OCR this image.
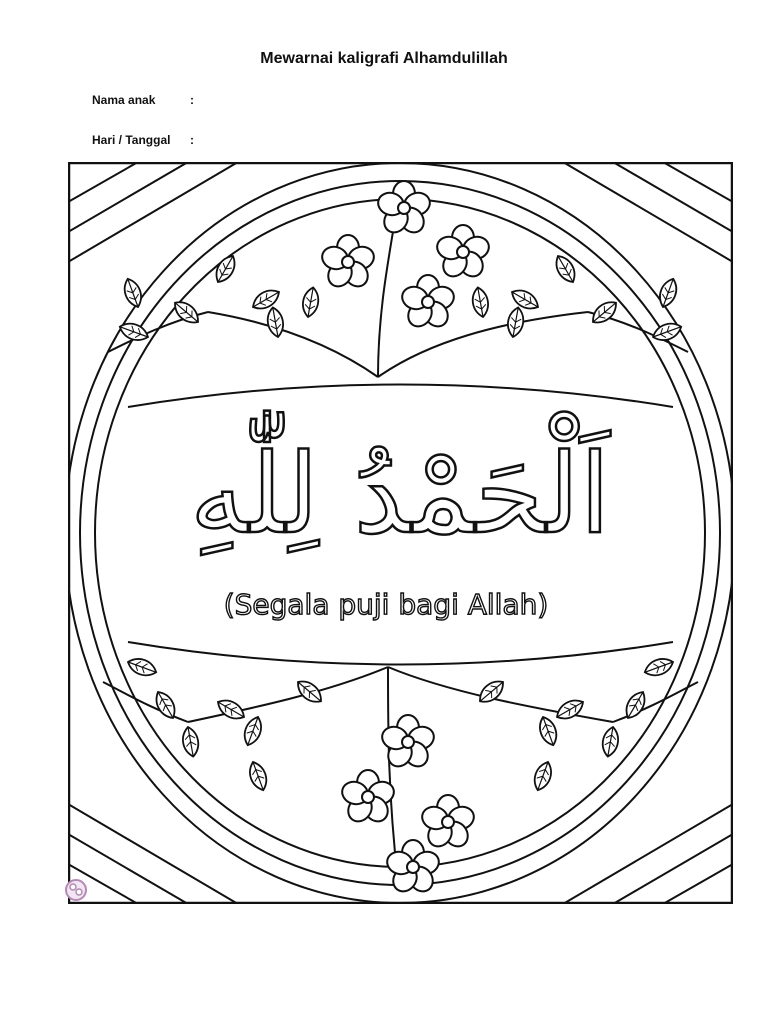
Mewarnai kaligrafi Alhamdulillah
Nama anak	:
Hari / Tanggal :
اَلْحَمْدُ لِلّٰهِ
(Segala puji bagi Allah)
